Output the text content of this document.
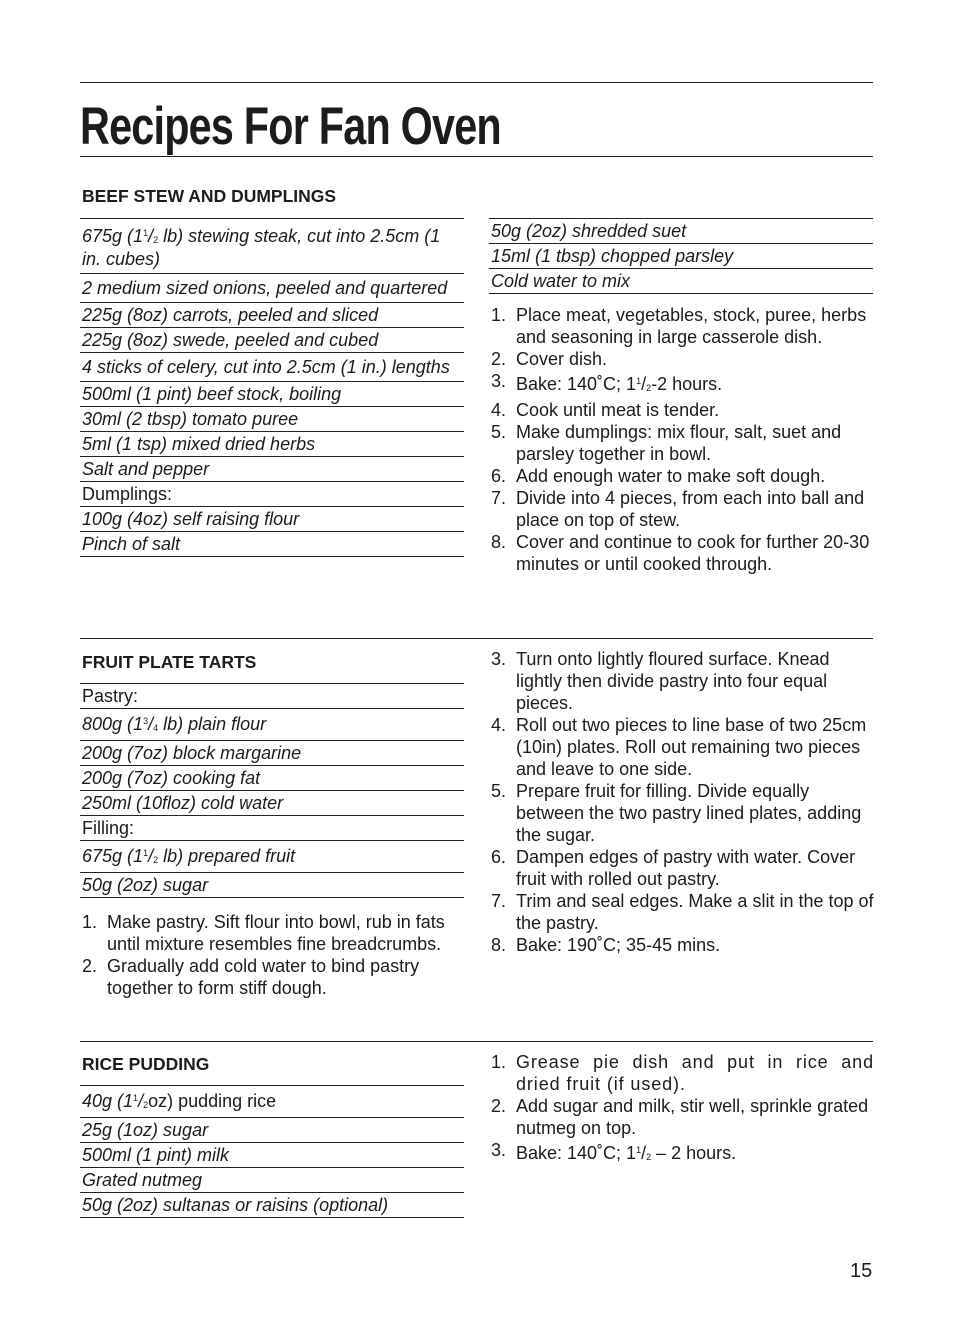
Recipes For Fan Oven
BEEF STEW AND DUMPLINGS
675g ($1^1/_2$ lb) stewing steak, cut into 2.5cm (1 in. cubes)
2 medium sized onions, peeled and quartered
225g (8oz) carrots, peeled and sliced
225g (8oz) swede, peeled and cubed
4 sticks of celery, cut into 2.5cm (1 in.) lengths
500ml (1 pint) beef stock, boiling
30ml (2 tbsp) tomato puree
5ml (1 tsp) mixed dried herbs
Salt and pepper
Dumplings:
100g (4oz) self raising flour
Pinch of salt
50g (2oz) shredded suet
15ml (1 tbsp) chopped parsley
Cold water to mix
1. Place meat, vegetables, stock, puree, herbs and seasoning in large casserole dish.
2. Cover dish.
3. Bake: 140˚C; $1^1/_2-2$ hours.
4. Cook until meat is tender.
5. Make dumplings: mix flour, salt, suet and parsley together in bowl.
6. Add enough water to make soft dough.
7. Divide into 4 pieces, from each into ball and place on top of stew.
8. Cover and continue to cook for further 20-30 minutes or until cooked through.
FRUIT PLATE TARTS
Pastry:
800g ($1^3/_4$ lb) plain flour
200g (7oz) block margarine
200g (7oz) cooking fat
250ml (10floz) cold water
Filling:
675g ($1^1/_2$ lb) prepared fruit
50g (2oz) sugar
1. Make pastry. Sift flour into bowl, rub in fats until mixture resembles fine breadcrumbs.
2. Gradually add cold water to bind pastry together to form stiff dough.
3. Turn onto lightly floured surface. Knead lightly then divide pastry into four equal pieces.
4. Roll out two pieces to line base of two 25cm (10in) plates. Roll out remaining two pieces and leave to one side.
5. Prepare fruit for filling. Divide equally between the two pastry lined plates, adding the sugar.
6. Dampen edges of pastry with water. Cover fruit with rolled out pastry.
7. Trim and seal edges. Make a slit in the top of the pastry.
8. Bake: 190˚C; 35-45 mins.
RICE PUDDING
40g $(1^1/_2oz)$ pudding rice
25g (1oz) sugar
500ml (1 pint) milk
Grated nutmeg
50g (2oz) sultanas or raisins (optional)
1. Grease pie dish and put in rice and dried fruit (if used).
2. Add sugar and milk, stir well, sprinkle grated nutmeg on top.
3. Bake: 140˚C; $1^1/_2 - 2$ hours.
15
